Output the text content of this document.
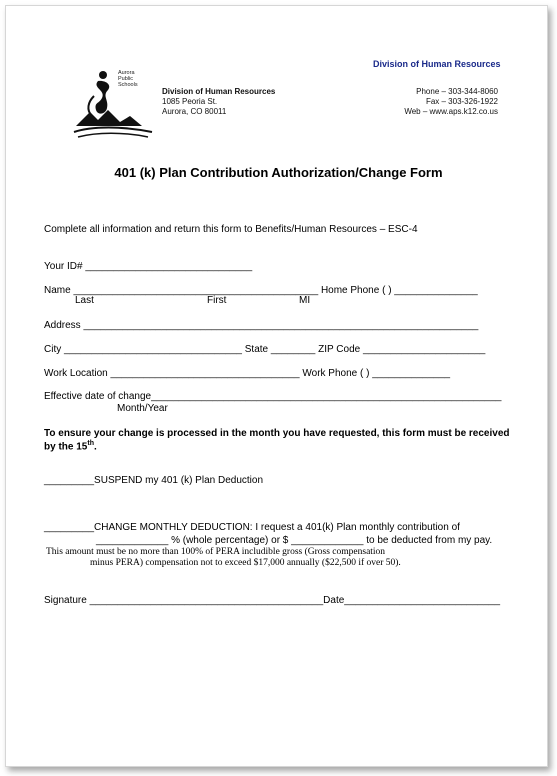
Division of Human Resources
Aurora Public Schools
Division of Human Resources
1085 Peoria St.
Aurora, CO 80011
Phone – 303-344-8060
Fax – 303-326-1922
Web – www.aps.k12.co.us
401 (k) Plan Contribution Authorization/Change Form
Complete all information and return this form to Benefits/Human Resources – ESC-4
Your ID# ______________________________
Name ____________________________________________ Home Phone ( ) _______________
Last	First	MI
Address _______________________________________________________________________
City ________________________________ State ________ ZIP Code ______________________
Work Location __________________________________ Work Phone ( ) ______________
Effective date of change_______________________________________________________________
Month/Year
To ensure your change is processed in the month you have requested, this form must be received
by the 15th.
_________SUSPEND my 401 (k) Plan Deduction
_________CHANGE MONTHLY DEDUCTION: I request a 401(k) Plan monthly contribution of
_____________ % (whole percentage) or $ _____________ to be deducted from my pay.
This amount must be no more than 100% of PERA includible gross (Gross compensation
minus PERA) compensation not to exceed $17,000 annually ($22,500 if over 50).
Signature __________________________________________Date____________________________
